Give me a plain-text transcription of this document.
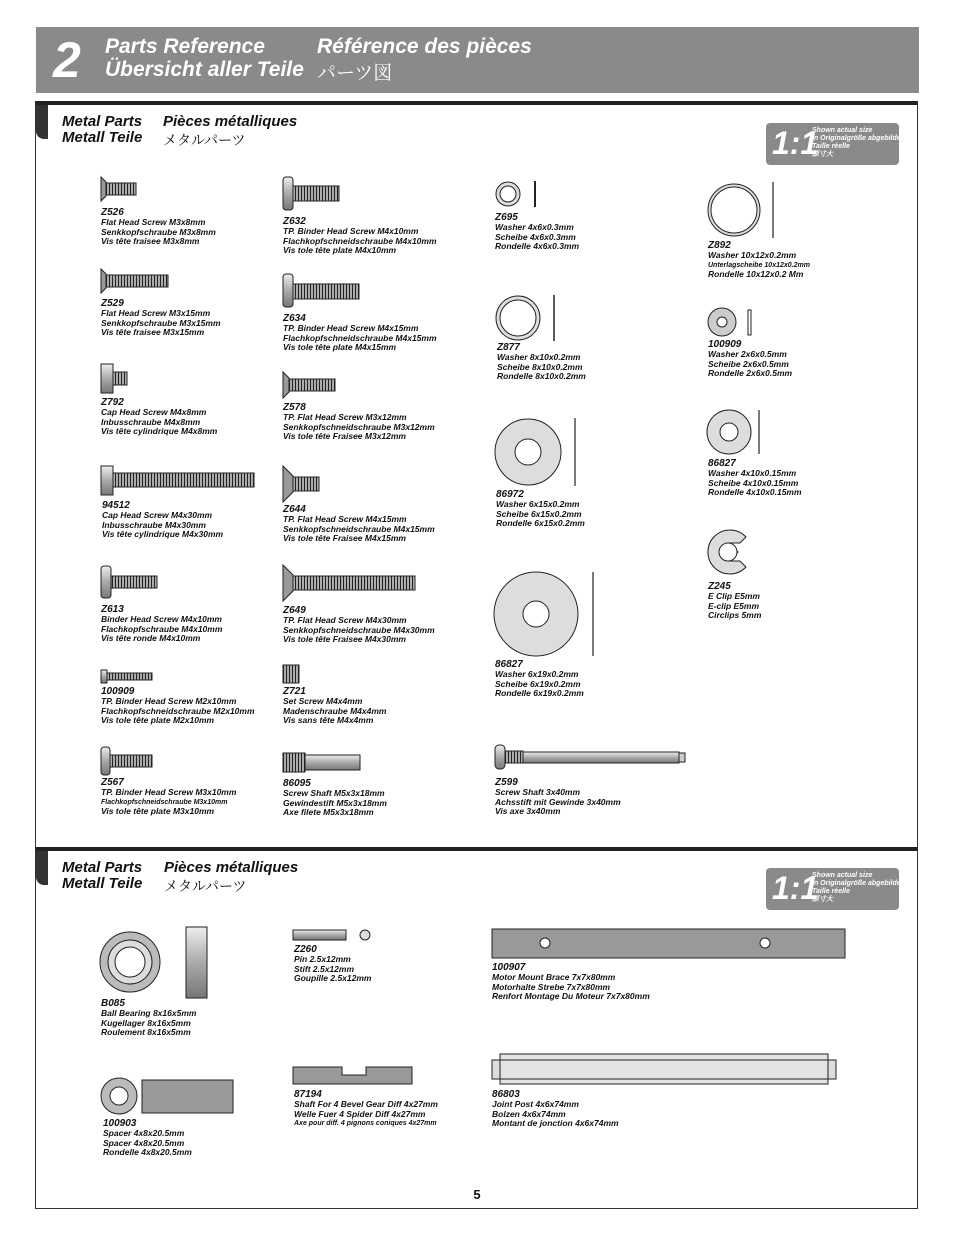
2 Parts Reference Référence des pièces
Übersicht aller Teile パーツ図
Metal Parts Pièces métalliques
Metall Teile メタルパーツ	1:1
Shown actual size
In Originalgröße abgebildet
Taille réelle
原寸大
Metal Parts Pièces métalliques
Metall Teile メタルパーツ	1:1
Shown actual size
In Originalgröße abgebildet
Taille réelle
原寸大
Z526
Flat Head Screw M3x8mm
Senkkopfschraube M3x8mm
Vis tête fraisee M3x8mm
Z529
Flat Head Screw M3x15mm
Senkkopfschraube M3x15mm
Vis tête fraisee M3x15mm
Z792
Cap Head Screw M4x8mm
Inbusschraube M4x8mm
Vis tête cylindrique M4x8mm
94512
Cap Head Screw M4x30mm
Inbusschraube M4x30mm
Vis tête cylindrique M4x30mm
Z613
Binder Head Screw M4x10mm
Flachkopfschraube M4x10mm
Vis tête ronde M4x10mm
100909
TP. Binder Head Screw M2x10mm
Flachkopfschneidschraube M2x10mm
Vis tole tête plate M2x10mm
Z567
TP. Binder Head Screw M3x10mm
Flachkopfschneidschraube M3x10mm
Vis tole tête plate M3x10mm
Z632
TP. Binder Head Screw M4x10mm
Flachkopfschneidschraube M4x10mm
Vis tole tête plate M4x10mm
Z634
TP. Binder Head Screw M4x15mm
Flachkopfschneidschraube M4x15mm
Vis tole tête plate M4x15mm
Z578
TP. Flat Head Screw M3x12mm
Senkkopfschneidschraube M3x12mm
Vis tole tête Fraisee M3x12mm
Z644
TP. Flat Head Screw M4x15mm
Senkkopfschneidschraube M4x15mm
Vis tole tête Fraisee M4x15mm
Z649
TP. Flat Head Screw M4x30mm
Senkkopfschneidschraube M4x30mm
Vis tole tête Fraisee M4x30mm
Z721
Set Screw M4x4mm
Madenschraube M4x4mm
Vis sans tête M4x4mm
86095
Screw Shaft M5x3x18mm
Gewindestift M5x3x18mm
Axe filete M5x3x18mm
Z695
Washer 4x6x0.3mm
Scheibe 4x6x0.3mm
Rondelle 4x6x0.3mm
Z877
Washer 8x10x0.2mm
Scheibe 8x10x0.2mm
Rondelle 8x10x0.2mm
86972
Washer 6x15x0.2mm
Scheibe 6x15x0.2mm
Rondelle 6x15x0.2mm
86827
Washer 6x19x0.2mm
Scheibe 6x19x0.2mm
Rondelle 6x19x0.2mm
Z599
Screw Shaft 3x40mm
Achsstift mit Gewinde 3x40mm
Vis axe 3x40mm
Z892
Washer 10x12x0.2mm
Unterlagscheibe 10x12x0.2mm
Rondelle 10x12x0.2 Mm
100909
Washer 2x6x0.5mm
Scheibe 2x6x0.5mm
Rondelle 2x6x0.5mm
86827
Washer 4x10x0.15mm
Scheibe 4x10x0.15mm
Rondelle 4x10x0.15mm
Z245
E Clip E5mm
E-clip E5mm
Circlips 5mm
B085
Ball Bearing 8x16x5mm
Kugellager 8x16x5mm
Roulement 8x16x5mm
Z260
Pin 2.5x12mm
Stift 2.5x12mm
Goupille 2.5x12mm
100907
Motor Mount Brace 7x7x80mm
Motorhalte Strebe 7x7x80mm
Renfort Montage Du Moteur 7x7x80mm
100903
Spacer 4x8x20.5mm
Spacer 4x8x20.5mm
Rondelle 4x8x20.5mm
87194
Shaft For 4 Bevel Gear Diff 4x27mm
Welle Fuer 4 Spider Diff 4x27mm
Axe pour diff. 4 pignons coniques 4x27mm
86803
Joint Post 4x6x74mm
Bolzen 4x6x74mm
Montant de jonction 4x6x74mm
5
